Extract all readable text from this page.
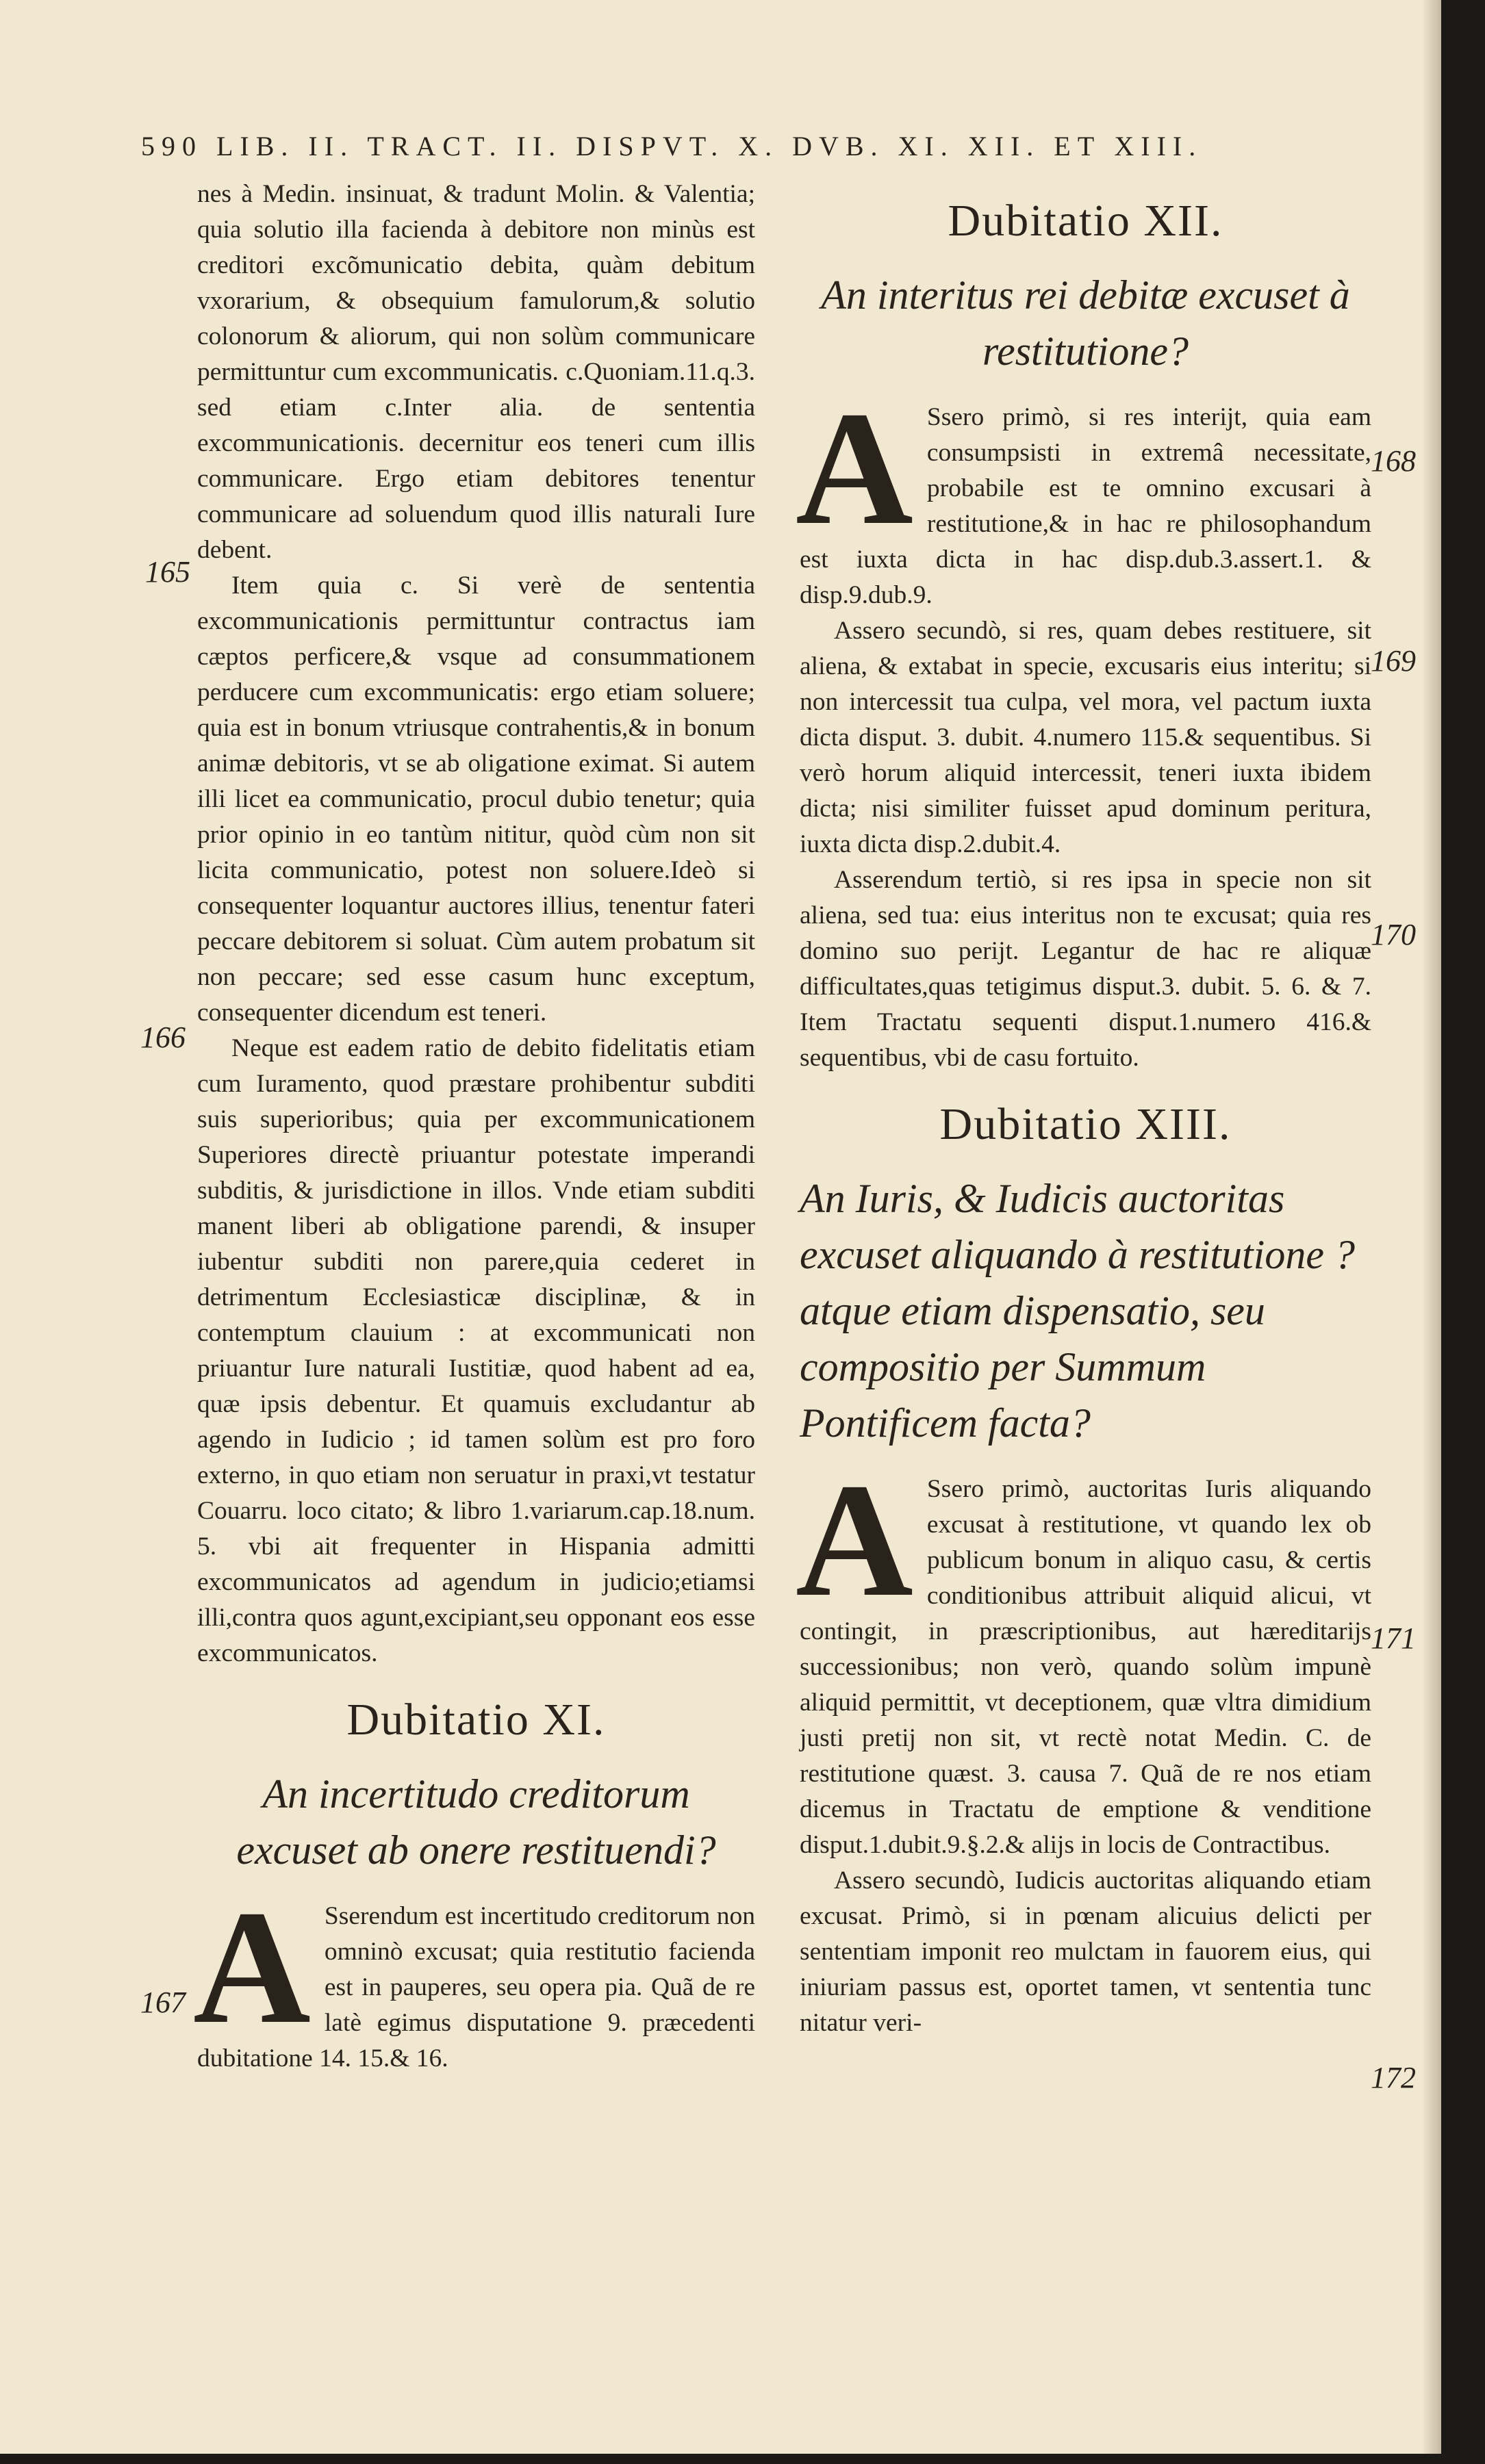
590 LIB. II. TRACT. II. DISPVT. X. DVB. XI. XII. ET XIII.

nes à Medin. insinuat, & tradunt Molin. & Valentia; quia solutio illa facienda à debitore non minùs est creditori excõmunicatio debita, quàm debitum vxorarium, & obsequium famulorum,& solutio colonorum & aliorum, qui non solùm communicare permittuntur cum excommunicatis. c.Quoniam.11.q.3. sed etiam c.Inter alia. de sententia excommunicationis. decernitur eos teneri cum illis communicare. Ergo etiam debitores tenentur communicare ad soluendum quod illis naturali Iure debent.

Item quia c. Si verè de sententia excommunicationis permittuntur contractus iam cæptos perficere,& vsque ad consummationem perducere cum excommunicatis: ergo etiam soluere; quia est in bonum vtriusque contrahentis,& in bonum animæ debitoris, vt se ab oligatione eximat. Si autem illi licet ea communicatio, procul dubio tenetur; quia prior opinio in eo tantùm nititur, quòd cùm non sit licita communicatio, potest non soluere.Ideò si consequenter loquantur auctores illius, tenentur fateri peccare debitorem si soluat. Cùm autem probatum sit non peccare; sed esse casum hunc exceptum, consequenter dicendum est teneri.

Neque est eadem ratio de debito fidelitatis etiam cum Iuramento, quod præstare prohibentur subditi suis superioribus; quia per excommunicationem Superiores directè priuantur potestate imperandi subditis, & jurisdictione in illos. Vnde etiam subditi manent liberi ab obligatione parendi, & insuper iubentur subditi non parere,quia cederet in detrimentum Ecclesiasticæ disciplinæ, & in contemptum clauium : at excommunicati non priuantur Iure naturali Iustitiæ, quod habent ad ea, quæ ipsis debentur. Et quamuis excludantur ab agendo in Iudicio ; id tamen solùm est pro foro externo, in quo etiam non seruatur in praxi,vt testatur Couarru. loco citato; & libro 1.variarum.cap.18.num. 5. vbi ait frequenter in Hispania admitti excommunicatos ad agendum in judicio;etiamsi illi,contra quos agunt,excipiant,seu opponant eos esse excommunicatos.

Dubitatio XI.
An incertitudo creditorum excuset ab onere restituendi?

A Sserendum est incertitudo creditorum non omninò excusat; quia restitutio facienda est in pauperes, seu opera pia. Quã de re latè egimus disputatione 9. præcedenti dubitatione 14. 15.& 16.

Dubitatio XII.
An interitus rei debitæ excuset à restitutione?

A Ssero primò, si res interijt, quia eam consumpsisti in extremâ necessitate, probabile est te omnino excusari à restitutione,& in hac re philosophandum est iuxta dicta in hac disp.dub.3.assert.1. & disp.9.dub.9.

Assero secundò, si res, quam debes restituere, sit aliena, & extabat in specie, excusaris eius interitu; si non intercessit tua culpa, vel mora, vel pactum iuxta dicta disput. 3. dubit. 4.numero 115.& sequentibus. Si verò horum aliquid intercessit, teneri iuxta ibidem dicta; nisi similiter fuisset apud dominum peritura, iuxta dicta disp.2.dubit.4.

Asserendum tertiò, si res ipsa in specie non sit aliena, sed tua: eius interitus non te excusat; quia res domino suo perijt. Legantur de hac re aliquæ difficultates,quas tetigimus disput.3. dubit. 5. 6. & 7. Item Tractatu sequenti disput.1.numero 416.& sequentibus, vbi de casu fortuito.

Dubitatio XIII.
An Iuris, & Iudicis auctoritas excuset aliquando à restitutione ? atque etiam dispensatio, seu compositio per Summum Pontificem facta?

A Ssero primò, auctoritas Iuris aliquando excusat à restitutione, vt quando lex ob publicum bonum in aliquo casu, & certis conditionibus attribuit aliquid alicui, vt contingit, in præscriptionibus, aut hæreditarijs successionibus; non verò, quando solùm impunè aliquid permittit, vt deceptionem, quæ vltra dimidium justi pretij non sit, vt rectè notat Medin. C. de restitutione quæst. 3. causa 7. Quã de re nos etiam dicemus in Tractatu de emptione & venditione disput.1.dubit.9.§.2.& alijs in locis de Contractibus.

Assero secundò, Iudicis auctoritas aliquando etiam excusat. Primò, si in pœnam alicuius delicti per sententiam imponit reo mulctam in fauorem eius, qui iniuriam passus est, oportet tamen, vt sententia tunc nitatur veri-

165
166
167
168
169
170
171
172
